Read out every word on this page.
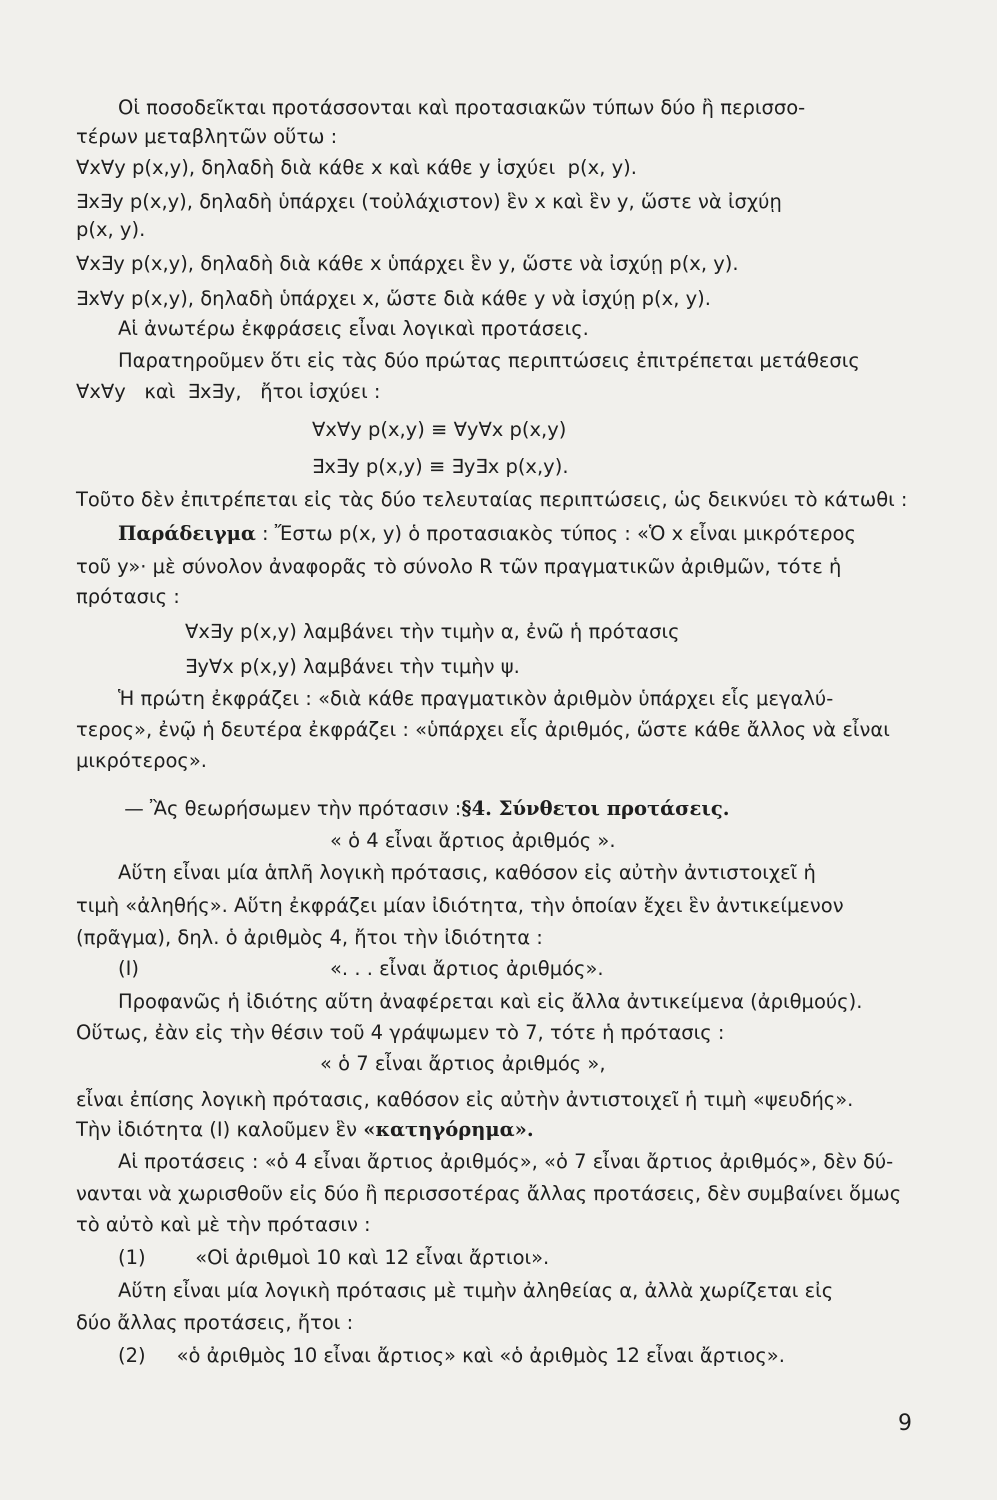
Οἱ ποσοδεῖκται προτάσσονται καὶ προτασιακῶν τύπων δύο ἢ περισσο-
τέρων μεταβλητῶν οὕτω :
∀x∀y p(x,y), δηλαδὴ διὰ κάθε x καὶ κάθε y ἰσχύει  p(x, y).
∃x∃y p(x,y), δηλαδὴ ὑπάρχει (τοὐλάχιστον) ἓν x καὶ ἓν y, ὥστε νὰ ἰσχύῃ
p(x, y).
∀x∃y p(x,y), δηλαδὴ διὰ κάθε x ὑπάρχει ἓν y, ὥστε νὰ ἰσχύῃ p(x, y).
∃x∀y p(x,y), δηλαδὴ ὑπάρχει x, ὥστε διὰ κάθε y νὰ ἰσχύῃ p(x, y).
Αἱ ἀνωτέρω ἐκφράσεις εἶναι λογικαὶ προτάσεις.
Παρατηροῦμεν ὅτι εἰς τὰς δύο πρώτας περιπτώσεις ἐπιτρέπεται μετάθεσις
∀x∀y   καὶ  ∃x∃y,   ἤτοι ἰσχύει :
∀x∀y p(x,y) ≡ ∀y∀x p(x,y)
∃x∃y p(x,y) ≡ ∃y∃x p(x,y).
Τοῦτο δὲν ἐπιτρέπεται εἰς τὰς δύο τελευταίας περιπτώσεις, ὡς δεικνύει τὸ κάτωθι :
Παράδειγμα : Ἔστω p(x, y) ὁ προτασιακὸς τύπος : «Ὁ x εἶναι μικρότερος
τοῦ y»· μὲ σύνολον ἀναφορᾶς τὸ σύνολο R τῶν πραγματικῶν ἀριθμῶν, τότε ἡ
πρότασις :
∀x∃y p(x,y) λαμβάνει τὴν τιμὴν α, ἐνῶ ἡ πρότασις
∃y∀x p(x,y) λαμβάνει τὴν τιμὴν ψ.
Ἡ πρώτη ἐκφράζει : «διὰ κάθε πραγματικὸν ἀριθμὸν ὑπάρχει εἷς μεγαλύ-
τερος», ἐνῷ ἡ δευτέρα ἐκφράζει : «ὑπάρχει εἷς ἀριθμός, ὥστε κάθε ἄλλος νὰ εἶναι
μικρότερος».
— Ἂς θεωρήσωμεν τὴν πρότασιν :§4. Σύνθετοι προτάσεις.
« ὁ 4 εἶναι ἄρτιος ἀριθμός ».
Αὕτη εἶναι μία ἁπλῆ λογικὴ πρότασις, καθόσον εἰς αὐτὴν ἀντιστοιχεῖ ἡ
τιμὴ «ἀληθής». Αὕτη ἐκφράζει μίαν ἰδιότητα, τὴν ὁποίαν ἔχει ἓν ἀντικείμενον
(πρᾶγμα), δηλ. ὁ ἀριθμὸς 4, ἤτοι τὴν ἰδιότητα :
(I)	«. . . εἶναι ἄρτιος ἀριθμός».
Προφανῶς ἡ ἰδιότης αὕτη ἀναφέρεται καὶ εἰς ἄλλα ἀντικείμενα (ἀριθμούς).
Οὕτως, ἐὰν εἰς τὴν θέσιν τοῦ 4 γράψωμεν τὸ 7, τότε ἡ πρότασις :
« ὁ 7 εἶναι ἄρτιος ἀριθμός »,
εἶναι ἐπίσης λογικὴ πρότασις, καθόσον εἰς αὐτὴν ἀντιστοιχεῖ ἡ τιμὴ «ψευδής».
Τὴν ἰδιότητα (I) καλοῦμεν ἓν «κατηγόρημα».
Αἱ προτάσεις : «ὁ 4 εἶναι ἄρτιος ἀριθμός», «ὁ 7 εἶναι ἄρτιος ἀριθμός», δὲν δύ-
νανται νὰ χωρισθοῦν εἰς δύο ἢ περισσοτέρας ἄλλας προτάσεις, δὲν συμβαίνει ὅμως
τὸ αὐτὸ καὶ μὲ τὴν πρότασιν :
(1)        «Οἱ ἀριθμοὶ 10 καὶ 12 εἶναι ἄρτιοι».
Αὕτη εἶναι μία λογικὴ πρότασις μὲ τιμὴν ἀληθείας α, ἀλλὰ χωρίζεται εἰς
δύο ἄλλας προτάσεις, ἤτοι :
(2)     «ὁ ἀριθμὸς 10 εἶναι ἄρτιος» καὶ «ὁ ἀριθμὸς 12 εἶναι ἄρτιος».
9
